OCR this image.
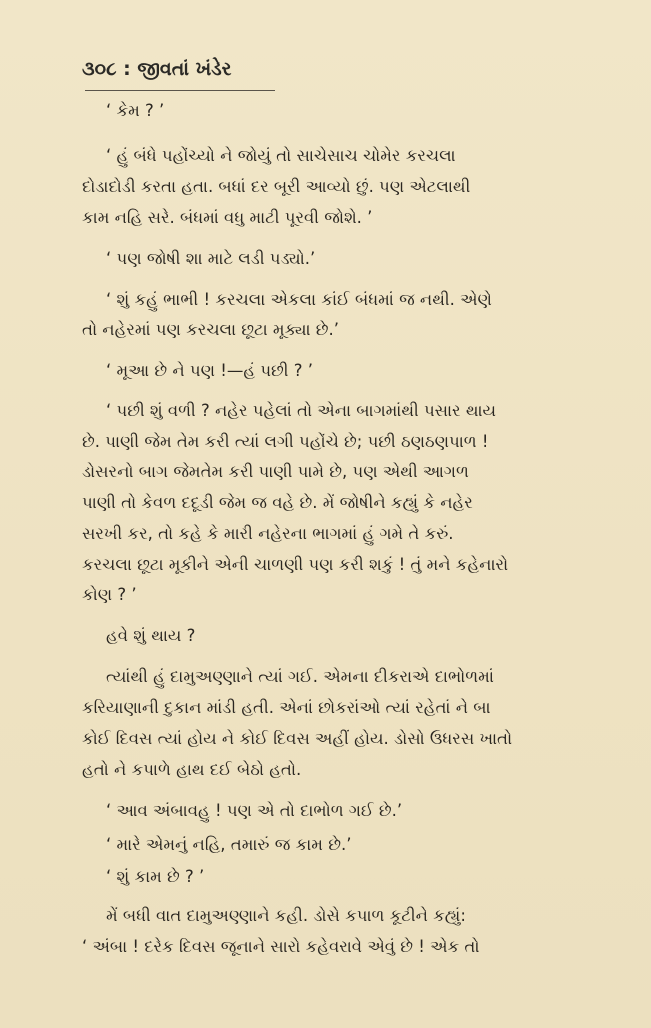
૩૦૮ : જીવતાં ખંડેર
‘ કેમ ? ’
‘ હું બંધે પહોંચ્યો ને જોયું તો સાચેસાચ ચોમેર કરચલા
દોડાદોડી કરતા હતા. બધાં દર બૂરી આવ્યો છું. પણ એટલાથી
કામ નહિ સરે. બંધમાં વધુ માટી પૂરવી જોશે. ’
‘ પણ જોષી શા માટે લડી પડ્યો.’
‘ શું કહું ભાભી ! કરચલા એકલા કાંઈ બંધમાં જ નથી. એણે
તો નહેરમાં પણ કરચલા છૂટા મૂક્યા છે.’
‘ મૂઆ છે ને પણ !—હં પછી ? ’
‘ પછી શું વળી ? નહેર પહેલાં તો એના બાગમાંથી પસાર થાય
છે. પાણી જેમ તેમ કરી ત્યાં લગી પહોંચે છે; પછી ઠણઠણપાળ !
ડોસરનો બાગ જેમતેમ કરી પાણી પામે છે, પણ એથી આગળ
પાણી તો કેવળ દદૂડી જેમ જ વહે છે. મેં જોષીને કહ્યું કે નહેર
સરખી કર, તો કહે કે મારી નહેરના ભાગમાં હું ગમે તે કરું.
કરચલા છૂટા મૂકીને એની ચાળણી પણ કરી શકું ! તું મને કહેનારો
કોણ ? ’
હવે શું થાય ?
ત્યાંથી હું દામુઅણ્ણાને ત્યાં ગઈ. એમના દીકરાએ દાભોળમાં
કરિયાણાની દુકાન માંડી હતી. એનાં છોકરાંઓ ત્યાં રહેતાં ને બા
કોઈ દિવસ ત્યાં હોય ને કોઈ દિવસ અહીં હોય. ડોસો ઉધરસ ખાતો
હતો ને કપાળે હાથ દઈ બેઠો હતો.
‘ આવ અંબાવહુ ! પણ એ તો દાભોળ ગઈ છે.’
‘ મારે એમનું નહિ, તમારું જ કામ છે.’
‘ શું કામ છે ? ’
મેં બધી વાત દામુઅણ્ણાને કહી. ડોસે કપાળ કૂટીને કહ્યું:
‘ અંબા ! દરેક દિવસ જૂનાને સારો કહેવરાવે એવું છે ! એક તો
